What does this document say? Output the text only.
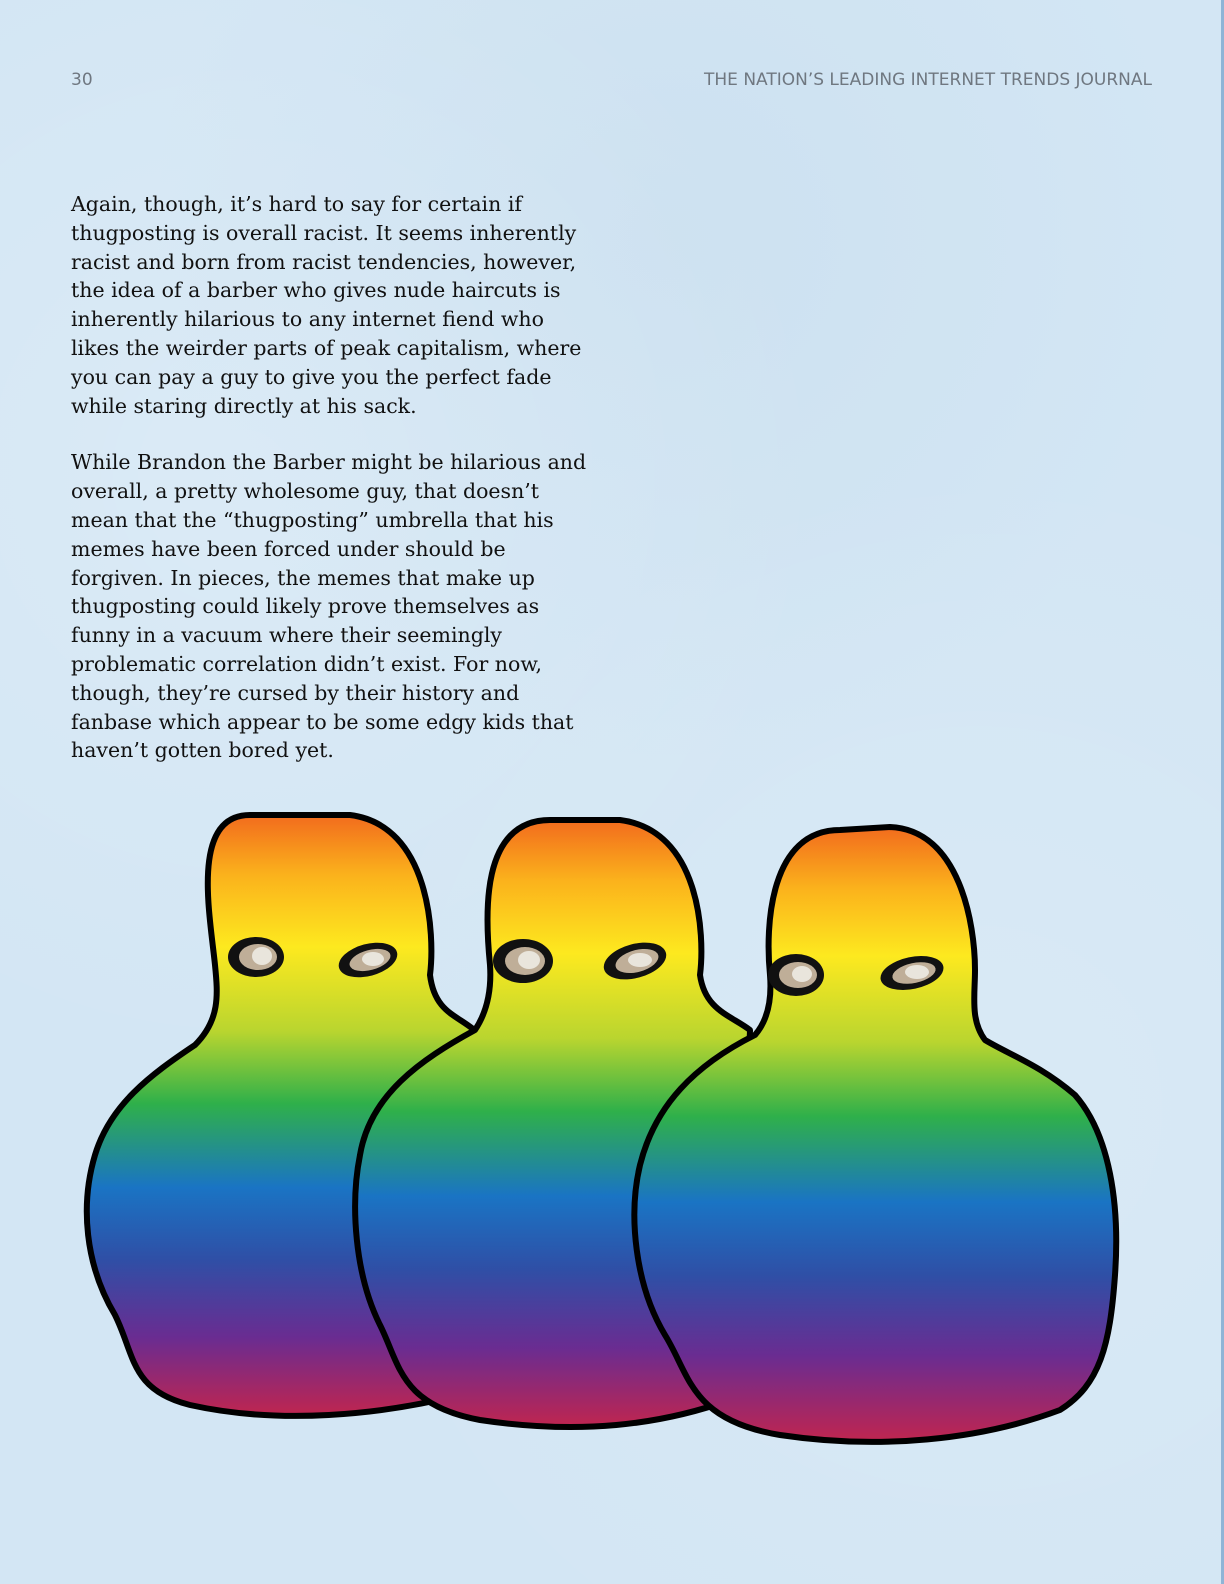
30	THE NATION’S LEADING INTERNET TRENDS JOURNAL

Again, though, it’s hard to say for certain if thugposting is overall racist. It seems inherently racist and born from racist tendencies, however, the idea of a barber who gives nude haircuts is inherently hilarious to any internet fiend who likes the weirder parts of peak capitalism, where you can pay a guy to give you the perfect fade while staring directly at his sack.

While Brandon the Barber might be hilarious and overall, a pretty wholesome guy, that doesn’t mean that the “thugposting” umbrella that his memes have been forced under should be forgiven. In pieces, the memes that make up thugposting could likely prove themselves as funny in a vacuum where their seemingly problematic correlation didn’t exist. For now, though, they’re cursed by their history and fanbase which appear to be some edgy kids that haven’t gotten bored yet.
